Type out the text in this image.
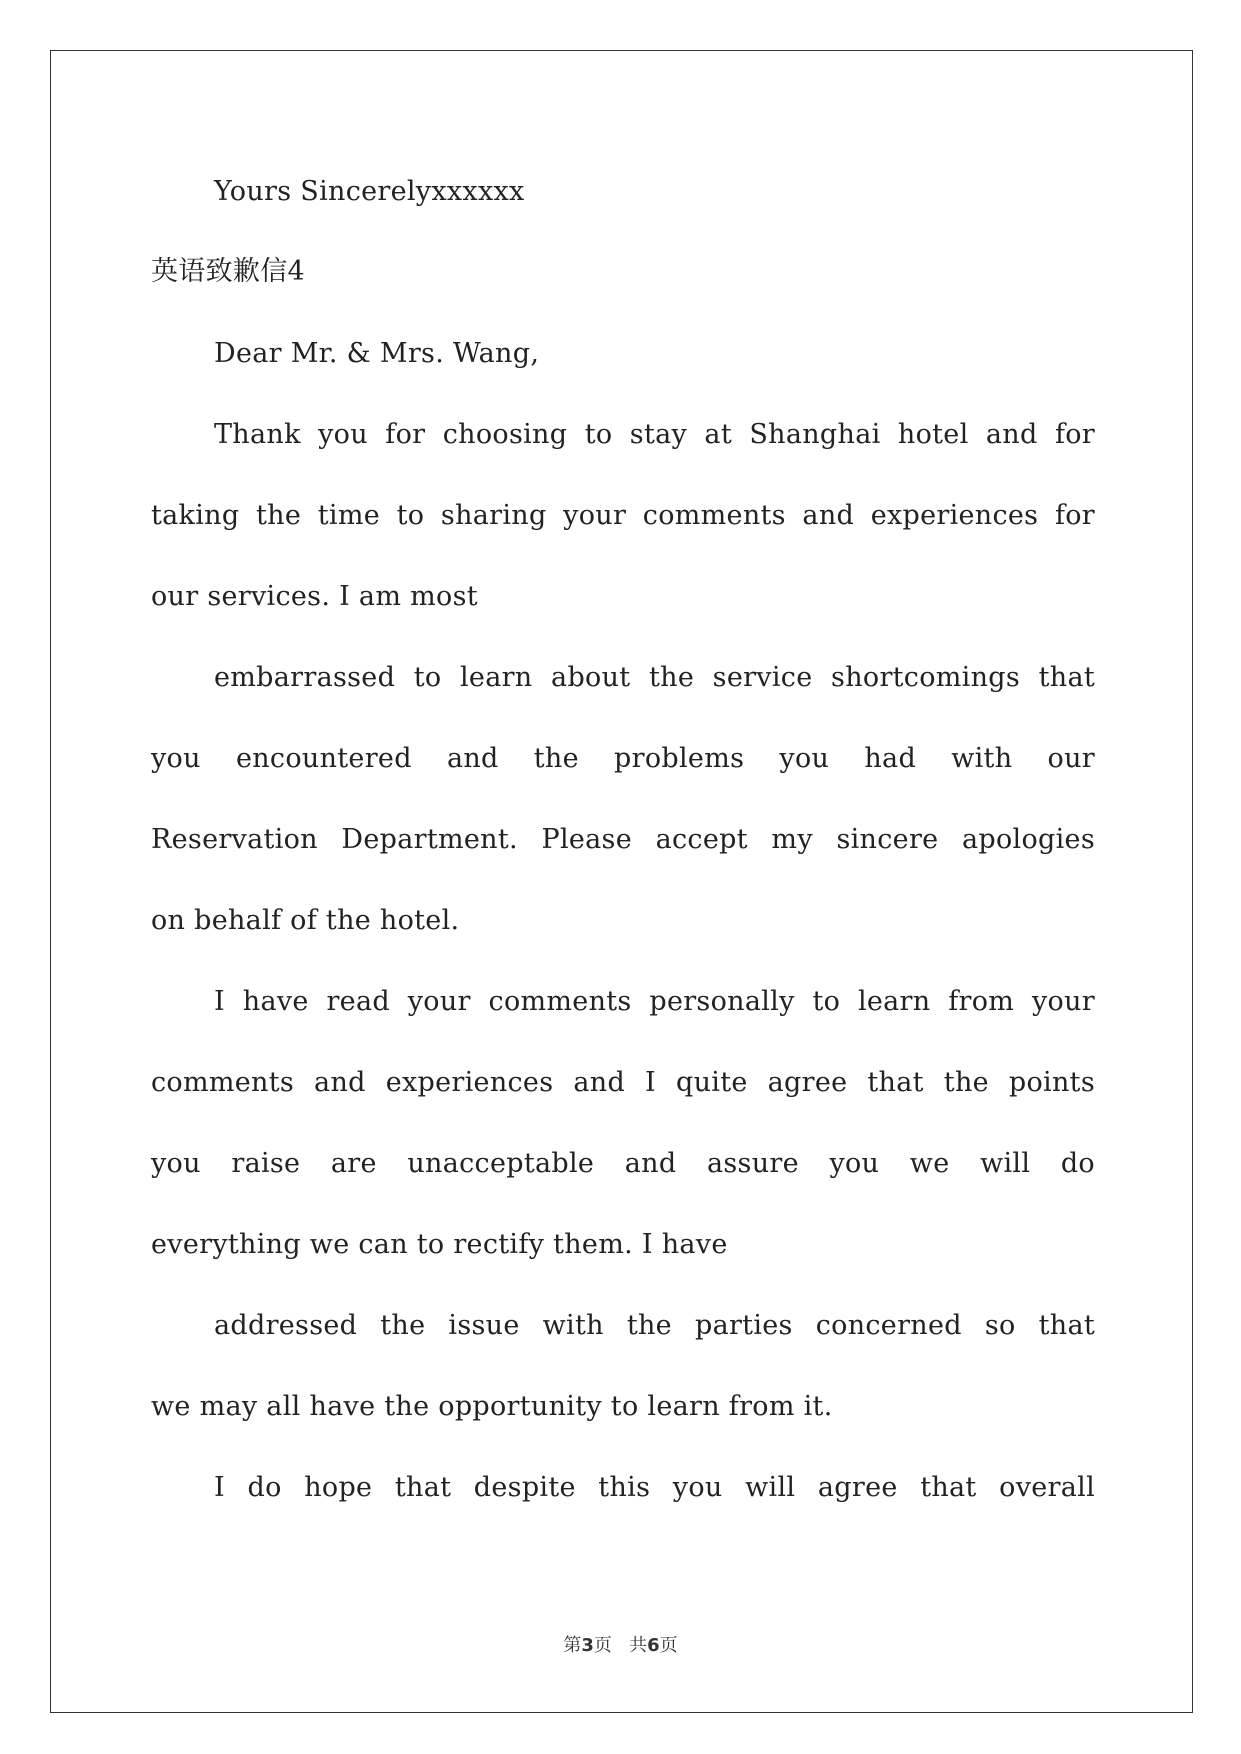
Yours Sincerelyxxxxxx
英语致歉信4
Dear Mr. & Mrs. Wang,
Thank you for choosing to stay at Shanghai hotel and for
taking the time to sharing your comments and experiences for
our services. I am most
embarrassed to learn about the service shortcomings that
you encountered and the problems you had with our
Reservation Department. Please accept my sincere apologies
on behalf of the hotel.
I have read your comments personally to learn from your
comments and experiences and I quite agree that the points
you raise are unacceptable and assure you we will do
everything we can to rectify them. I have
addressed the issue with the parties concerned so that
we may all have the opportunity to learn from it.
I do hope that despite this you will agree that overall
第3页   共6页
